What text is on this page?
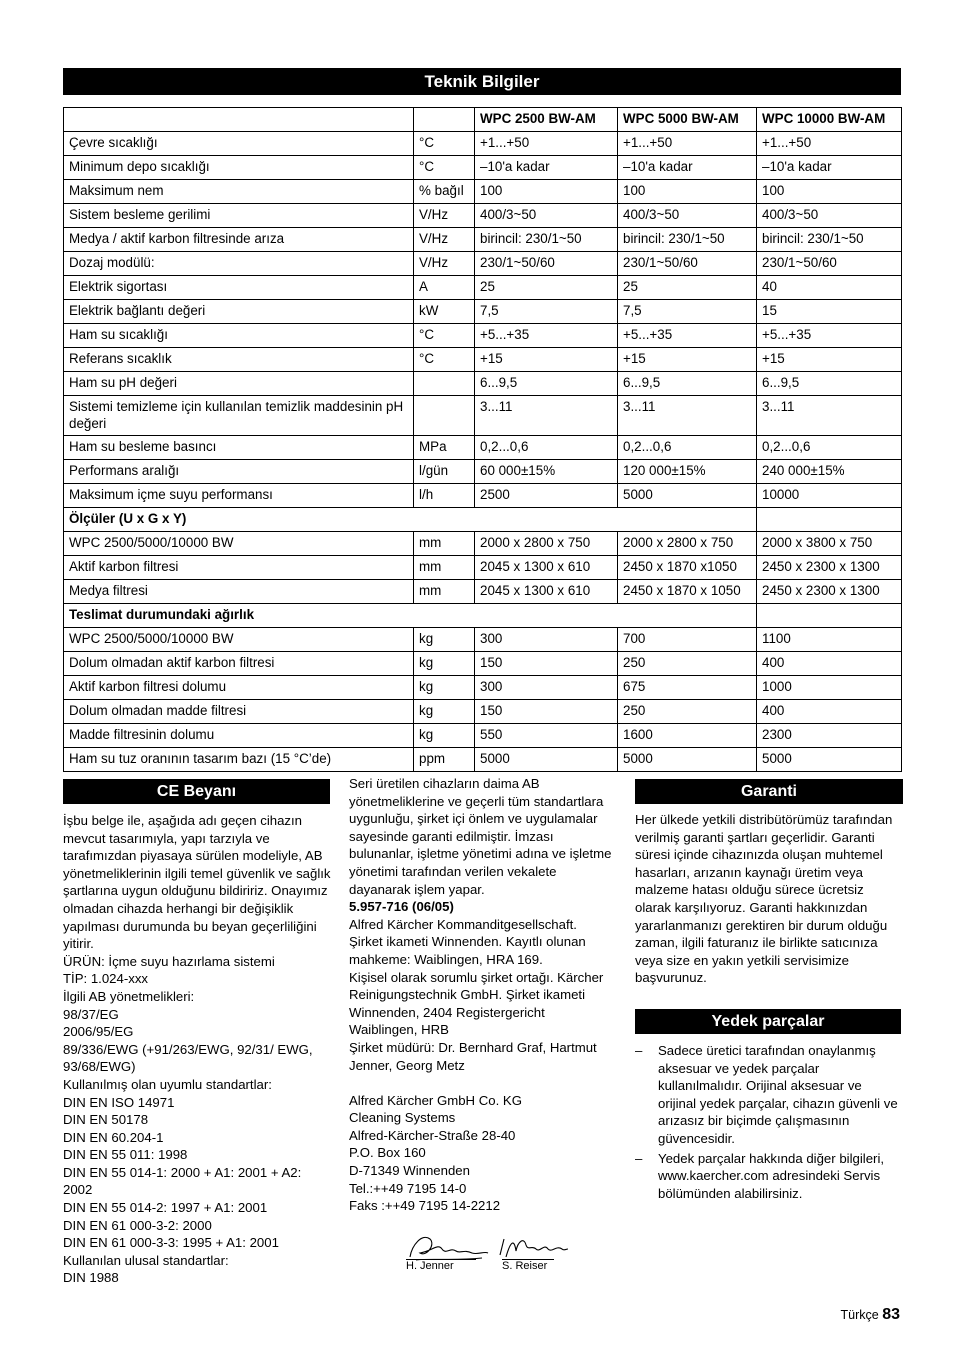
Teknik Bilgiler
		WPC 2500 BW-AM	WPC 5000 BW-AM	WPC 10000 BW-AM
Çevre sıcaklığı	°C	+1...+50	+1...+50	+1...+50
Minimum depo sıcaklığı	°C	–10'a kadar	–10'a kadar	–10'a kadar
Maksimum nem	% bağıl	100	100	100
Sistem besleme gerilimi	V/Hz	400/3~50	400/3~50	400/3~50
Medya / aktif karbon filtresinde arıza	V/Hz	birincil: 230/1~50	birincil: 230/1~50	birincil: 230/1~50
Dozaj modülü:	V/Hz	230/1~50/60	230/1~50/60	230/1~50/60
Elektrik sigortası	A	25	25	40
Elektrik bağlantı değeri	kW	7,5	7,5	15
Ham su sıcaklığı	°C	+5...+35	+5...+35	+5...+35
Referans sıcaklık	°C	+15	+15	+15
Ham su pH değeri		6...9,5	6...9,5	6...9,5
Sistemi temizleme için kullanılan temizlik maddesinin pH değeri		3...11	3...11	3...11
Ham su besleme basıncı	MPa	0,2...0,6	0,2...0,6	0,2...0,6
Performans aralığı	l/gün	60 000±15%	120 000±15%	240 000±15%
Maksimum içme suyu performansı	l/h	2500	5000	10000
Ölçüler (U x G x Y)				
WPC 2500/5000/10000 BW	mm	2000 x 2800 x 750	2000 x 2800 x 750	2000 x 3800 x 750
Aktif karbon filtresi	mm	2045 x 1300 x 610	2450 x 1870 x1050	2450 x 2300 x 1300
Medya filtresi	mm	2045 x 1300 x 610	2450 x 1870 x 1050	2450 x 2300 x 1300
Teslimat durumundaki ağırlık				
WPC 2500/5000/10000 BW	kg	300	700	1100
Dolum olmadan aktif karbon filtresi	kg	150	250	400
Aktif karbon filtresi dolumu	kg	300	675	1000
Dolum olmadan madde filtresi	kg	150	250	400
Madde filtresinin dolumu	kg	550	1600	2300
Ham su tuz oranının tasarım bazı (15 °C’de)	ppm	5000	5000	5000
CE Beyanı

İşbu belge ile, aşağıda adı geçen cihazın mevcut tasarımıyla, yapı tarzıyla ve tarafımızdan piyasaya sürülen modeliyle, AB yönetmeliklerinin ilgili temel güvenlik ve sağlık şartlarına uygun olduğunu bildiririz. Onayımız olmadan cihazda herhangi bir değişiklik yapılması durumunda bu beyan geçerliliğini yitirir.

ÜRÜN: İçme suyu hazırlama sistemi

TİP: 1.024-xxx

İlgili AB yönetmelikleri:

98/37/EG

2006/95/EG

89/336/EWG (+91/263/EWG, 92/31/ EWG, 93/68/EWG)

Kullanılmış olan uyumlu standartlar:

DIN EN ISO 14971

DIN EN 50178

DIN EN 60.204-1

DIN EN 55 011: 1998

DIN EN 55 014-1: 2000 + A1: 2001 + A2: 2002

DIN EN 55 014-2: 1997 + A1: 2001

DIN EN 61 000-3-2: 2000

DIN EN 61 000-3-3: 1995 + A1: 2001

Kullanılan ulusal standartlar:

DIN 1988

Seri üretilen cihazların daima AB yönetmeliklerine ve geçerli tüm standartlara uygunluğu, şirket içi önlem ve uygulamalar sayesinde garanti edilmiştir. İmzası bulunanlar, işletme yönetimi adına ve işletme yönetimi tarafından verilen vekalete dayanarak işlem yapar.

5.957-716 (06/05)

Alfred Kärcher Kommanditgesellschaft. Şirket ikameti Winnenden. Kayıtlı olunan mahkeme: Waiblingen, HRA 169.

Kişisel olarak sorumlu şirket ortağı. Kärcher Reinigungstechnik GmbH. Şirket ikameti Winnenden, 2404 Registergericht Waiblingen, HRB

Şirket müdürü: Dr. Bernhard Graf, Hartmut Jenner, Georg Metz

Alfred Kärcher GmbH Co. KG

Cleaning Systems

Alfred-Kärcher-Straße 28-40

P.O. Box 160

D-71349 Winnenden

Tel.:++49 7195 14-0

Faks :++49 7195 14-2212

H. Jenner	S. Reiser
Garanti

Her ülkede yetkili distribütörümüz tarafından verilmiş garanti şartları geçerlidir. Garanti süresi içinde cihazınızda oluşan muhtemel hasarları, arızanın kaynağı üretim veya malzeme hatası olduğu sürece ücretsiz olarak karşılıyoruz. Garanti hakkınızdan yararlanmanızı gerektiren bir durum olduğu zaman, ilgili faturanız ile birlikte satıcınıza veya size en yakın yetkili servisimize başvurunuz.

Yedek parçalar
– Sadece üretici tarafından onaylanmış aksesuar ve yedek parçalar kullanılmalıdır. Orijinal aksesuar ve orijinal yedek parçalar, cihazın güvenli ve arızasız bir biçimde çalışmasının güvencesidir.
– Yedek parçalar hakkında diğer bilgileri, www.kaercher.com adresindeki Servis bölümünden alabilirsiniz.
Türkçe 83
